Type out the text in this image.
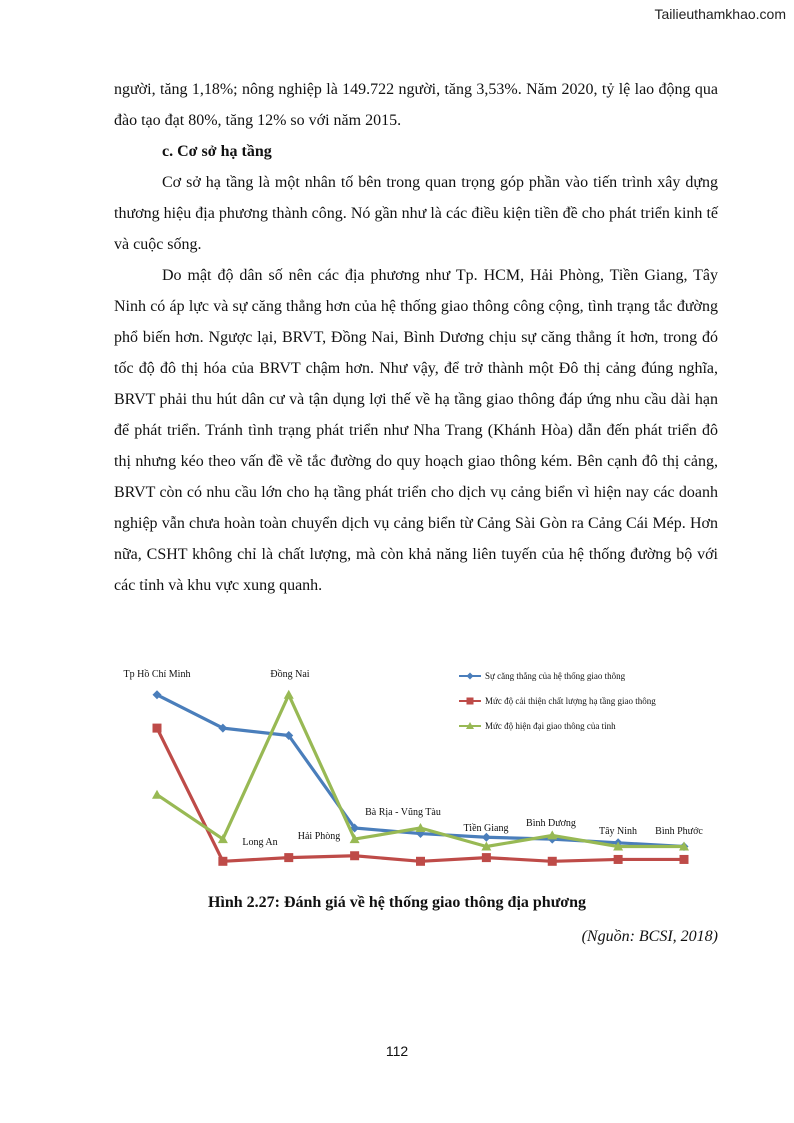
Tailieuthamkhao.com

người, tăng 1,18%; nông nghiệp là 149.722 người, tăng 3,53%. Năm 2020, tỷ lệ lao động qua đào tạo đạt 80%, tăng 12% so với năm 2015.

c. Cơ sở hạ tầng

Cơ sở hạ tầng là một nhân tố bên trong quan trọng góp phần vào tiến trình xây dựng thương hiệu địa phương thành công. Nó gần như là các điều kiện tiền đề cho phát triển kinh tế và cuộc sống.

Do mật độ dân số nên các địa phương như Tp. HCM, Hải Phòng, Tiền Giang, Tây Ninh có áp lực và sự căng thẳng hơn của hệ thống giao thông công cộng, tình trạng tắc đường phổ biến hơn. Ngược lại, BRVT, Đồng Nai, Bình Dương chịu sự căng thẳng ít hơn, trong đó tốc độ đô thị hóa của BRVT chậm hơn. Như vậy, để trở thành một Đô thị cảng đúng nghĩa, BRVT phải thu hút dân cư và tận dụng lợi thế về hạ tầng giao thông đáp ứng nhu cầu dài hạn để phát triển. Tránh tình trạng phát triển như Nha Trang (Khánh Hòa) dẫn đến phát triển đô thị nhưng kéo theo vấn đề về tắc đường do quy hoạch giao thông kém. Bên cạnh đô thị cảng, BRVT còn có nhu cầu lớn cho hạ tầng phát triển cho dịch vụ cảng biển vì hiện nay các doanh nghiệp vẫn chưa hoàn toàn chuyển dịch vụ cảng biển từ Cảng Sài Gòn ra Cảng Cái Mép. Hơn nữa, CSHT không chỉ là chất lượng, mà còn khả năng liên tuyến của hệ thống đường bộ với các tỉnh và khu vực xung quanh.

Tp Hồ Chí Minh
Long An
Đồng Nai
Hải Phòng
Bà Rịa - Vũng Tàu
Tiền Giang Bình Dương
Tây Ninh Bình Phước
Sự căng thẳng của hệ thống giao thông
Mức độ cải thiện chất lượng hạ tầng giao thông
Mức độ hiện đại giao thông của tỉnh
Hình 2.27: Đánh giá về hệ thống giao thông địa phương
(Nguồn: BCSI, 2018)
112
